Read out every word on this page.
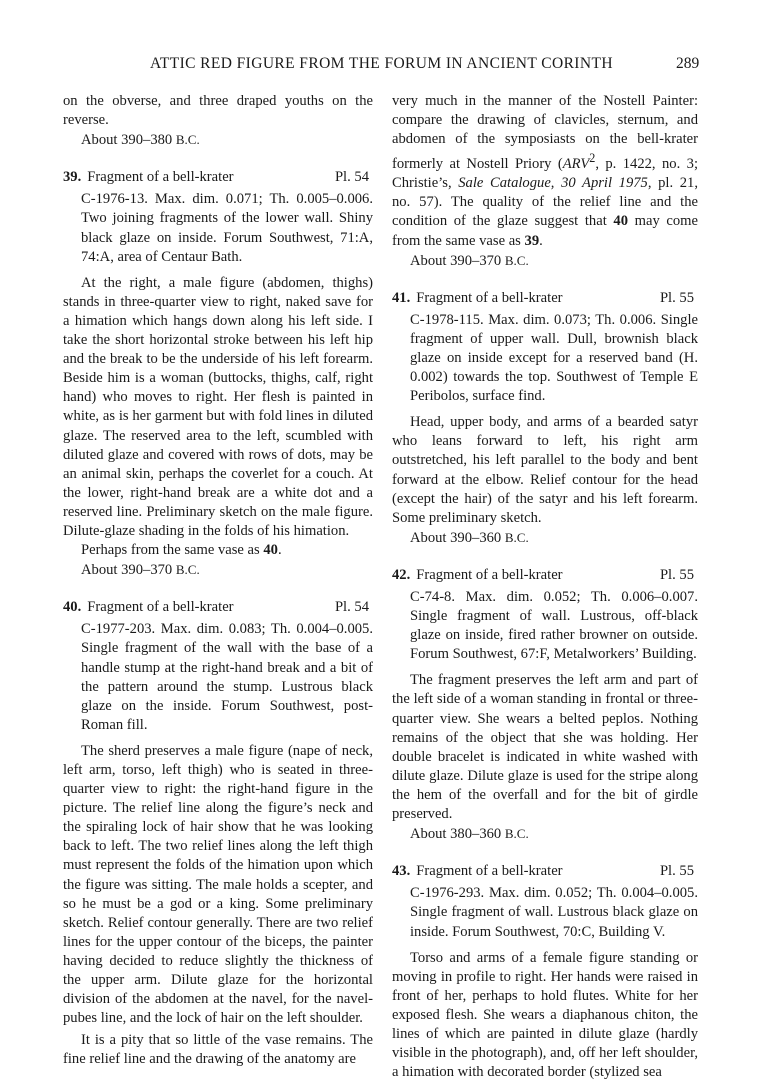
ATTIC RED FIGURE FROM THE FORUM IN ANCIENT CORINTH	289

on the obverse, and three draped youths on the reverse.

About 390–380 B.C.

39. Fragment of a bell-krater	Pl. 54

C-1976-13. Max. dim. 0.071; Th. 0.005–0.006. Two joining fragments of the lower wall. Shiny black glaze on inside. Forum Southwest, 71:A, 74:A, area of Centaur Bath.

At the right, a male figure (abdomen, thighs) stands in three-quarter view to right, naked save for a himation which hangs down along his left side. I take the short horizontal stroke between his left hip and the break to be the underside of his left forearm. Beside him is a woman (buttocks, thighs, calf, right hand) who moves to right. Her flesh is painted in white, as is her garment but with fold lines in diluted glaze. The reserved area to the left, scumbled with diluted glaze and covered with rows of dots, may be an animal skin, perhaps the coverlet for a couch. At the lower, right-hand break are a white dot and a reserved line. Preliminary sketch on the male figure. Dilute-glaze shading in the folds of his himation.

Perhaps from the same vase as 40.

About 390–370 B.C.

40. Fragment of a bell-krater	Pl. 54

C-1977-203. Max. dim. 0.083; Th. 0.004–0.005. Single fragment of the wall with the base of a handle stump at the right-hand break and a bit of the pattern around the stump. Lustrous black glaze on the inside. Forum Southwest, post-Roman fill.

The sherd preserves a male figure (nape of neck, left arm, torso, left thigh) who is seated in three-quarter view to right: the right-hand figure in the picture. The relief line along the figure’s neck and the spiraling lock of hair show that he was looking back to left. The two relief lines along the left thigh must represent the folds of the himation upon which the figure was sitting. The male holds a scepter, and so he must be a god or a king. Some preliminary sketch. Relief contour generally. There are two relief lines for the upper contour of the biceps, the painter having decided to reduce slightly the thickness of the upper arm. Dilute glaze for the horizontal division of the abdomen at the navel, for the navel-pubes line, and the lock of hair on the left shoulder.

It is a pity that so little of the vase remains. The fine relief line and the drawing of the anatomy are

very much in the manner of the Nostell Painter: compare the drawing of clavicles, sternum, and abdomen of the symposiasts on the bell-krater formerly at Nostell Priory (ARV$^2$, p. 1422, no. 3; Christie’s, Sale Catalogue, 30 April 1975, pl. 21, no. 57). The quality of the relief line and the condition of the glaze suggest that 40 may come from the same vase as 39.

About 390–370 B.C.

41. Fragment of a bell-krater	Pl. 55

C-1978-115. Max. dim. 0.073; Th. 0.006. Single fragment of upper wall. Dull, brownish black glaze on inside except for a reserved band (H. 0.002) towards the top. Southwest of Temple E Peribolos, surface find.

Head, upper body, and arms of a bearded satyr who leans forward to left, his right arm outstretched, his left parallel to the body and bent forward at the elbow. Relief contour for the head (except the hair) of the satyr and his left forearm. Some preliminary sketch.

About 390–360 B.C.

42. Fragment of a bell-krater	Pl. 55

C-74-8. Max. dim. 0.052; Th. 0.006–0.007. Single fragment of wall. Lustrous, off-black glaze on inside, fired rather browner on outside. Forum Southwest, 67:F, Metalworkers’ Building.

The fragment preserves the left arm and part of the left side of a woman standing in frontal or three-quarter view. She wears a belted peplos. Nothing remains of the object that she was holding. Her double bracelet is indicated in white washed with dilute glaze. Dilute glaze is used for the stripe along the hem of the overfall and for the bit of girdle preserved.

About 380–360 B.C.

43. Fragment of a bell-krater	Pl. 55

C-1976-293. Max. dim. 0.052; Th. 0.004–0.005. Single fragment of wall. Lustrous black glaze on inside. Forum Southwest, 70:C, Building V.

Torso and arms of a female figure standing or moving in profile to right. Her hands were raised in front of her, perhaps to hold flutes. White for her exposed flesh. She wears a diaphanous chiton, the lines of which are painted in dilute glaze (hardly visible in the photograph), and, off her left shoulder, a himation with decorated border (stylized sea
